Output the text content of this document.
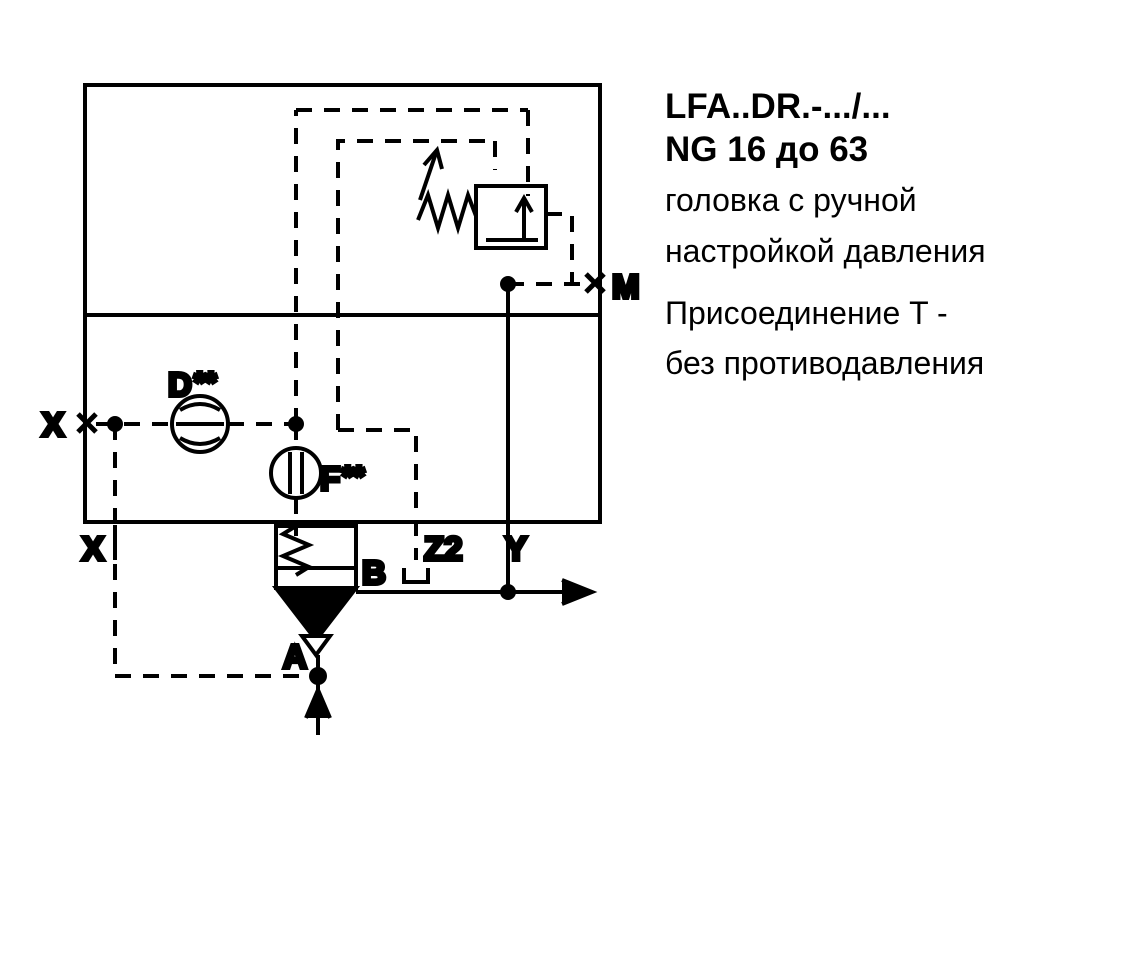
X
X
M
Y
B
Z2
A
D **
F **
LFA..DR.-.../...
NG 16 до 63
головка с ручной
настройкой давления
Присоединение T -
без противодавления
